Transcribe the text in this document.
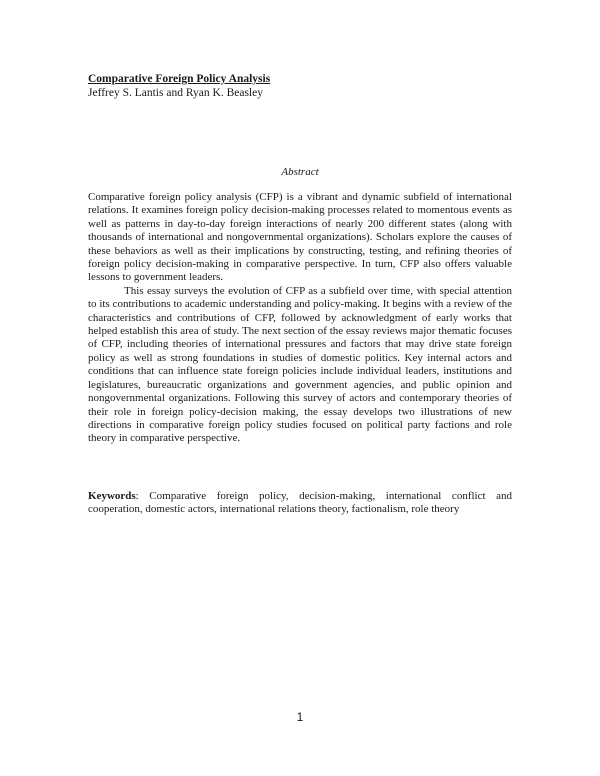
Comparative Foreign Policy Analysis
Jeffrey S. Lantis and Ryan K. Beasley
Abstract

Comparative foreign policy analysis (CFP) is a vibrant and dynamic subfield of international relations. It examines foreign policy decision-making processes related to momentous events as well as patterns in day-to-day foreign interactions of nearly 200 different states (along with thousands of international and nongovernmental organizations). Scholars explore the causes of these behaviors as well as their implications by constructing, testing, and refining theories of foreign policy decision-making in comparative perspective. In turn, CFP also offers valuable lessons to government leaders.

This essay surveys the evolution of CFP as a subfield over time, with special attention to its contributions to academic understanding and policy-making. It begins with a review of the characteristics and contributions of CFP, followed by acknowledgment of early works that helped establish this area of study. The next section of the essay reviews major thematic focuses of CFP, including theories of international pressures and factors that may drive state foreign policy as well as strong foundations in studies of domestic politics. Key internal actors and conditions that can influence state foreign policies include individual leaders, institutions and legislatures, bureaucratic organizations and government agencies, and public opinion and nongovernmental organizations. Following this survey of actors and contemporary theories of their role in foreign policy-decision making, the essay develops two illustrations of new directions in comparative foreign policy studies focused on political party factions and role theory in comparative perspective.

Keywords: Comparative foreign policy, decision-making, international conflict and cooperation, domestic actors, international relations theory, factionalism, role theory
1
